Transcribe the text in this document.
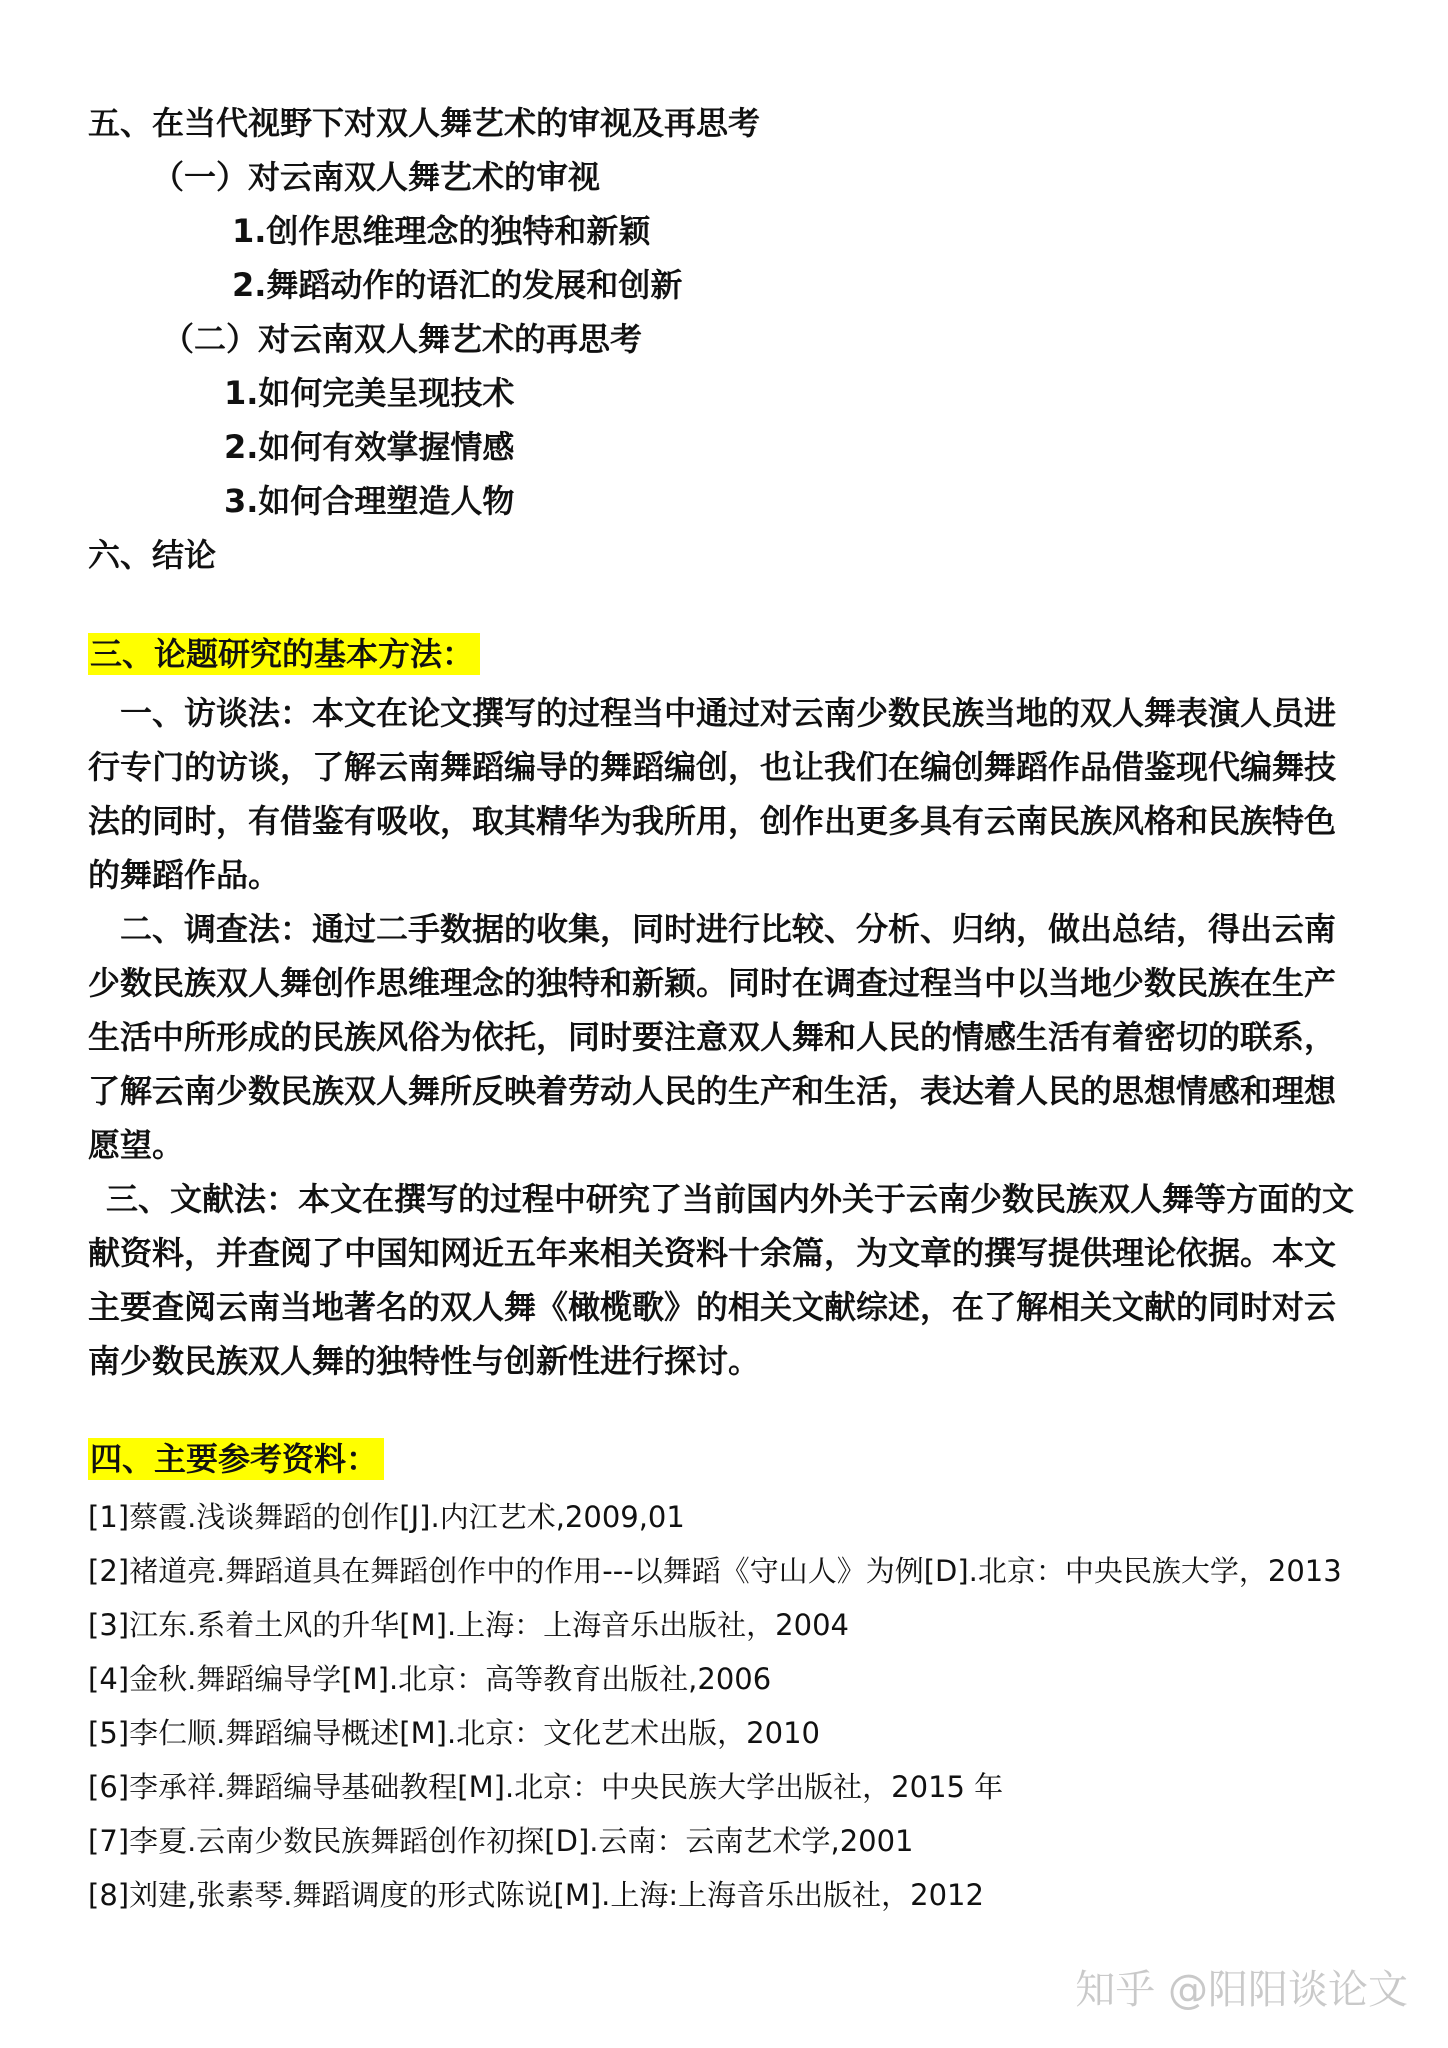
五、在当代视野下对双人舞艺术的审视及再思考
（一）对云南双人舞艺术的审视
1.创作思维理念的独特和新颖
2.舞蹈动作的语汇的发展和创新
（二）对云南双人舞艺术的再思考
1.如何完美呈现技术
2.如何有效掌握情感
3.如何合理塑造人物
六、结论
三、论题研究的基本方法：
一、访谈法：本文在论文撰写的过程当中通过对云南少数民族当地的双人舞表演人员进行专门的访谈，了解云南舞蹈编导的舞蹈编创，也让我们在编创舞蹈作品借鉴现代编舞技法的同时，有借鉴有吸收，取其精华为我所用，创作出更多具有云南民族风格和民族特色的舞蹈作品。
二、调查法：通过二手数据的收集，同时进行比较、分析、归纳，做出总结，得出云南少数民族双人舞创作思维理念的独特和新颖。同时在调查过程当中以当地少数民族在生产生活中所形成的民族风俗为依托，同时要注意双人舞和人民的情感生活有着密切的联系，了解云南少数民族双人舞所反映着劳动人民的生产和生活，表达着人民的思想情感和理想愿望。
三、文献法：本文在撰写的过程中研究了当前国内外关于云南少数民族双人舞等方面的文献资料，并查阅了中国知网近五年来相关资料十余篇，为文章的撰写提供理论依据。本文主要查阅云南当地著名的双人舞《橄榄歌》的相关文献综述，在了解相关文献的同时对云南少数民族双人舞的独特性与创新性进行探讨。
四、主要参考资料：
[1]蔡霞.浅谈舞蹈的创作[J].内江艺术,2009,01
[2]褚道亮.舞蹈道具在舞蹈创作中的作用---以舞蹈《守山人》为例[D].北京：中央民族大学，2013
[3]江东.系着土风的升华[M].上海：上海音乐出版社，2004
[4]金秋.舞蹈编导学[M].北京：高等教育出版社,2006
[5]李仁顺.舞蹈编导概述[M].北京：文化艺术出版，2010
[6]李承祥.舞蹈编导基础教程[M].北京：中央民族大学出版社，2015 年
[7]李夏.云南少数民族舞蹈创作初探[D].云南：云南艺术学,2001
[8]刘建,张素琴.舞蹈调度的形式陈说[M].上海:上海音乐出版社，2012
知乎 @阳阳谈论文
